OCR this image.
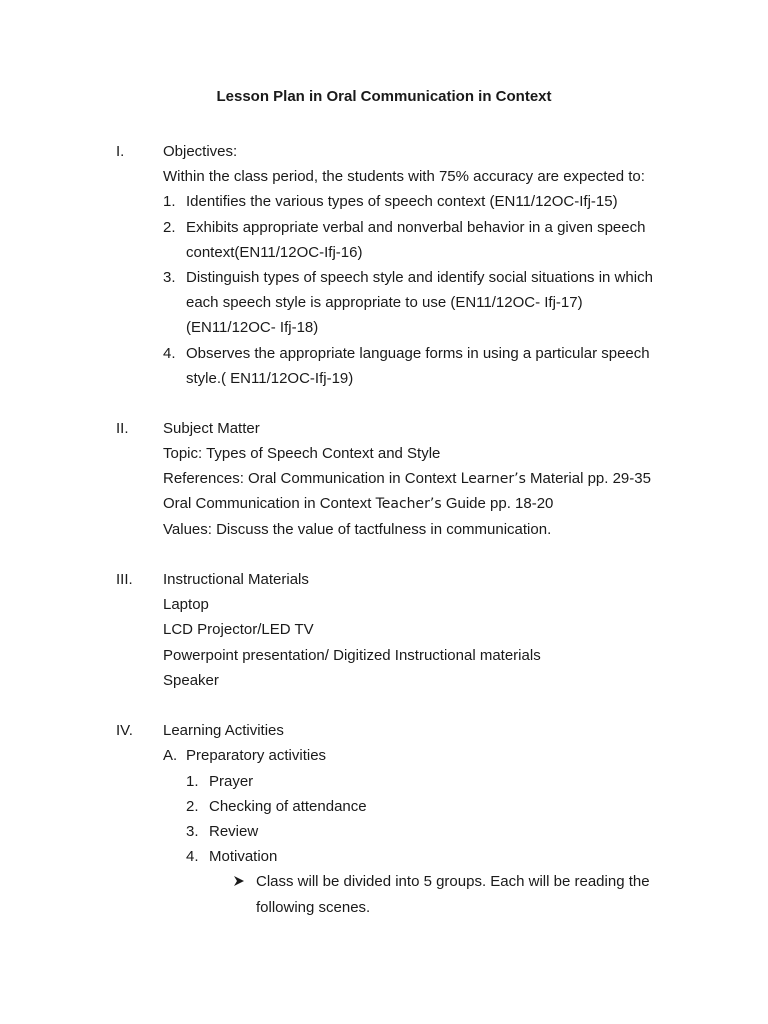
Lesson Plan in Oral Communication in Context
I.	Objectives:
Within the class period, the students with 75% accuracy are expected to:
1. Identifies the various types of speech context (EN11/12OC-Ifj-15)
2. Exhibits appropriate verbal and nonverbal behavior in a given speech
context(EN11/12OC-Ifj-16)
3. Distinguish types of speech style and identify social situations in which
each speech style is appropriate to use (EN11/12OC- Ifj-17)
(EN11/12OC- Ifj-18)
4. Observes the appropriate language forms in using a particular speech
style.( EN11/12OC-Ifj-19)
II. Subject Matter
Topic: Types of Speech Context and Style
References: Oral Communication in Context Learner’s Material pp. 29-35
Oral Communication in Context Teacher’s Guide pp. 18-20
Values: Discuss the value of tactfulness in communication.
III. Instructional Materials
Laptop
LCD Projector/LED TV
Powerpoint presentation/ Digitized Instructional materials
Speaker
IV. Learning Activities
A. Preparatory activities
1. Prayer
2. Checking of attendance
3. Review
4. Motivation
Class will be divided into 5 groups. Each will be reading the
following scenes.
